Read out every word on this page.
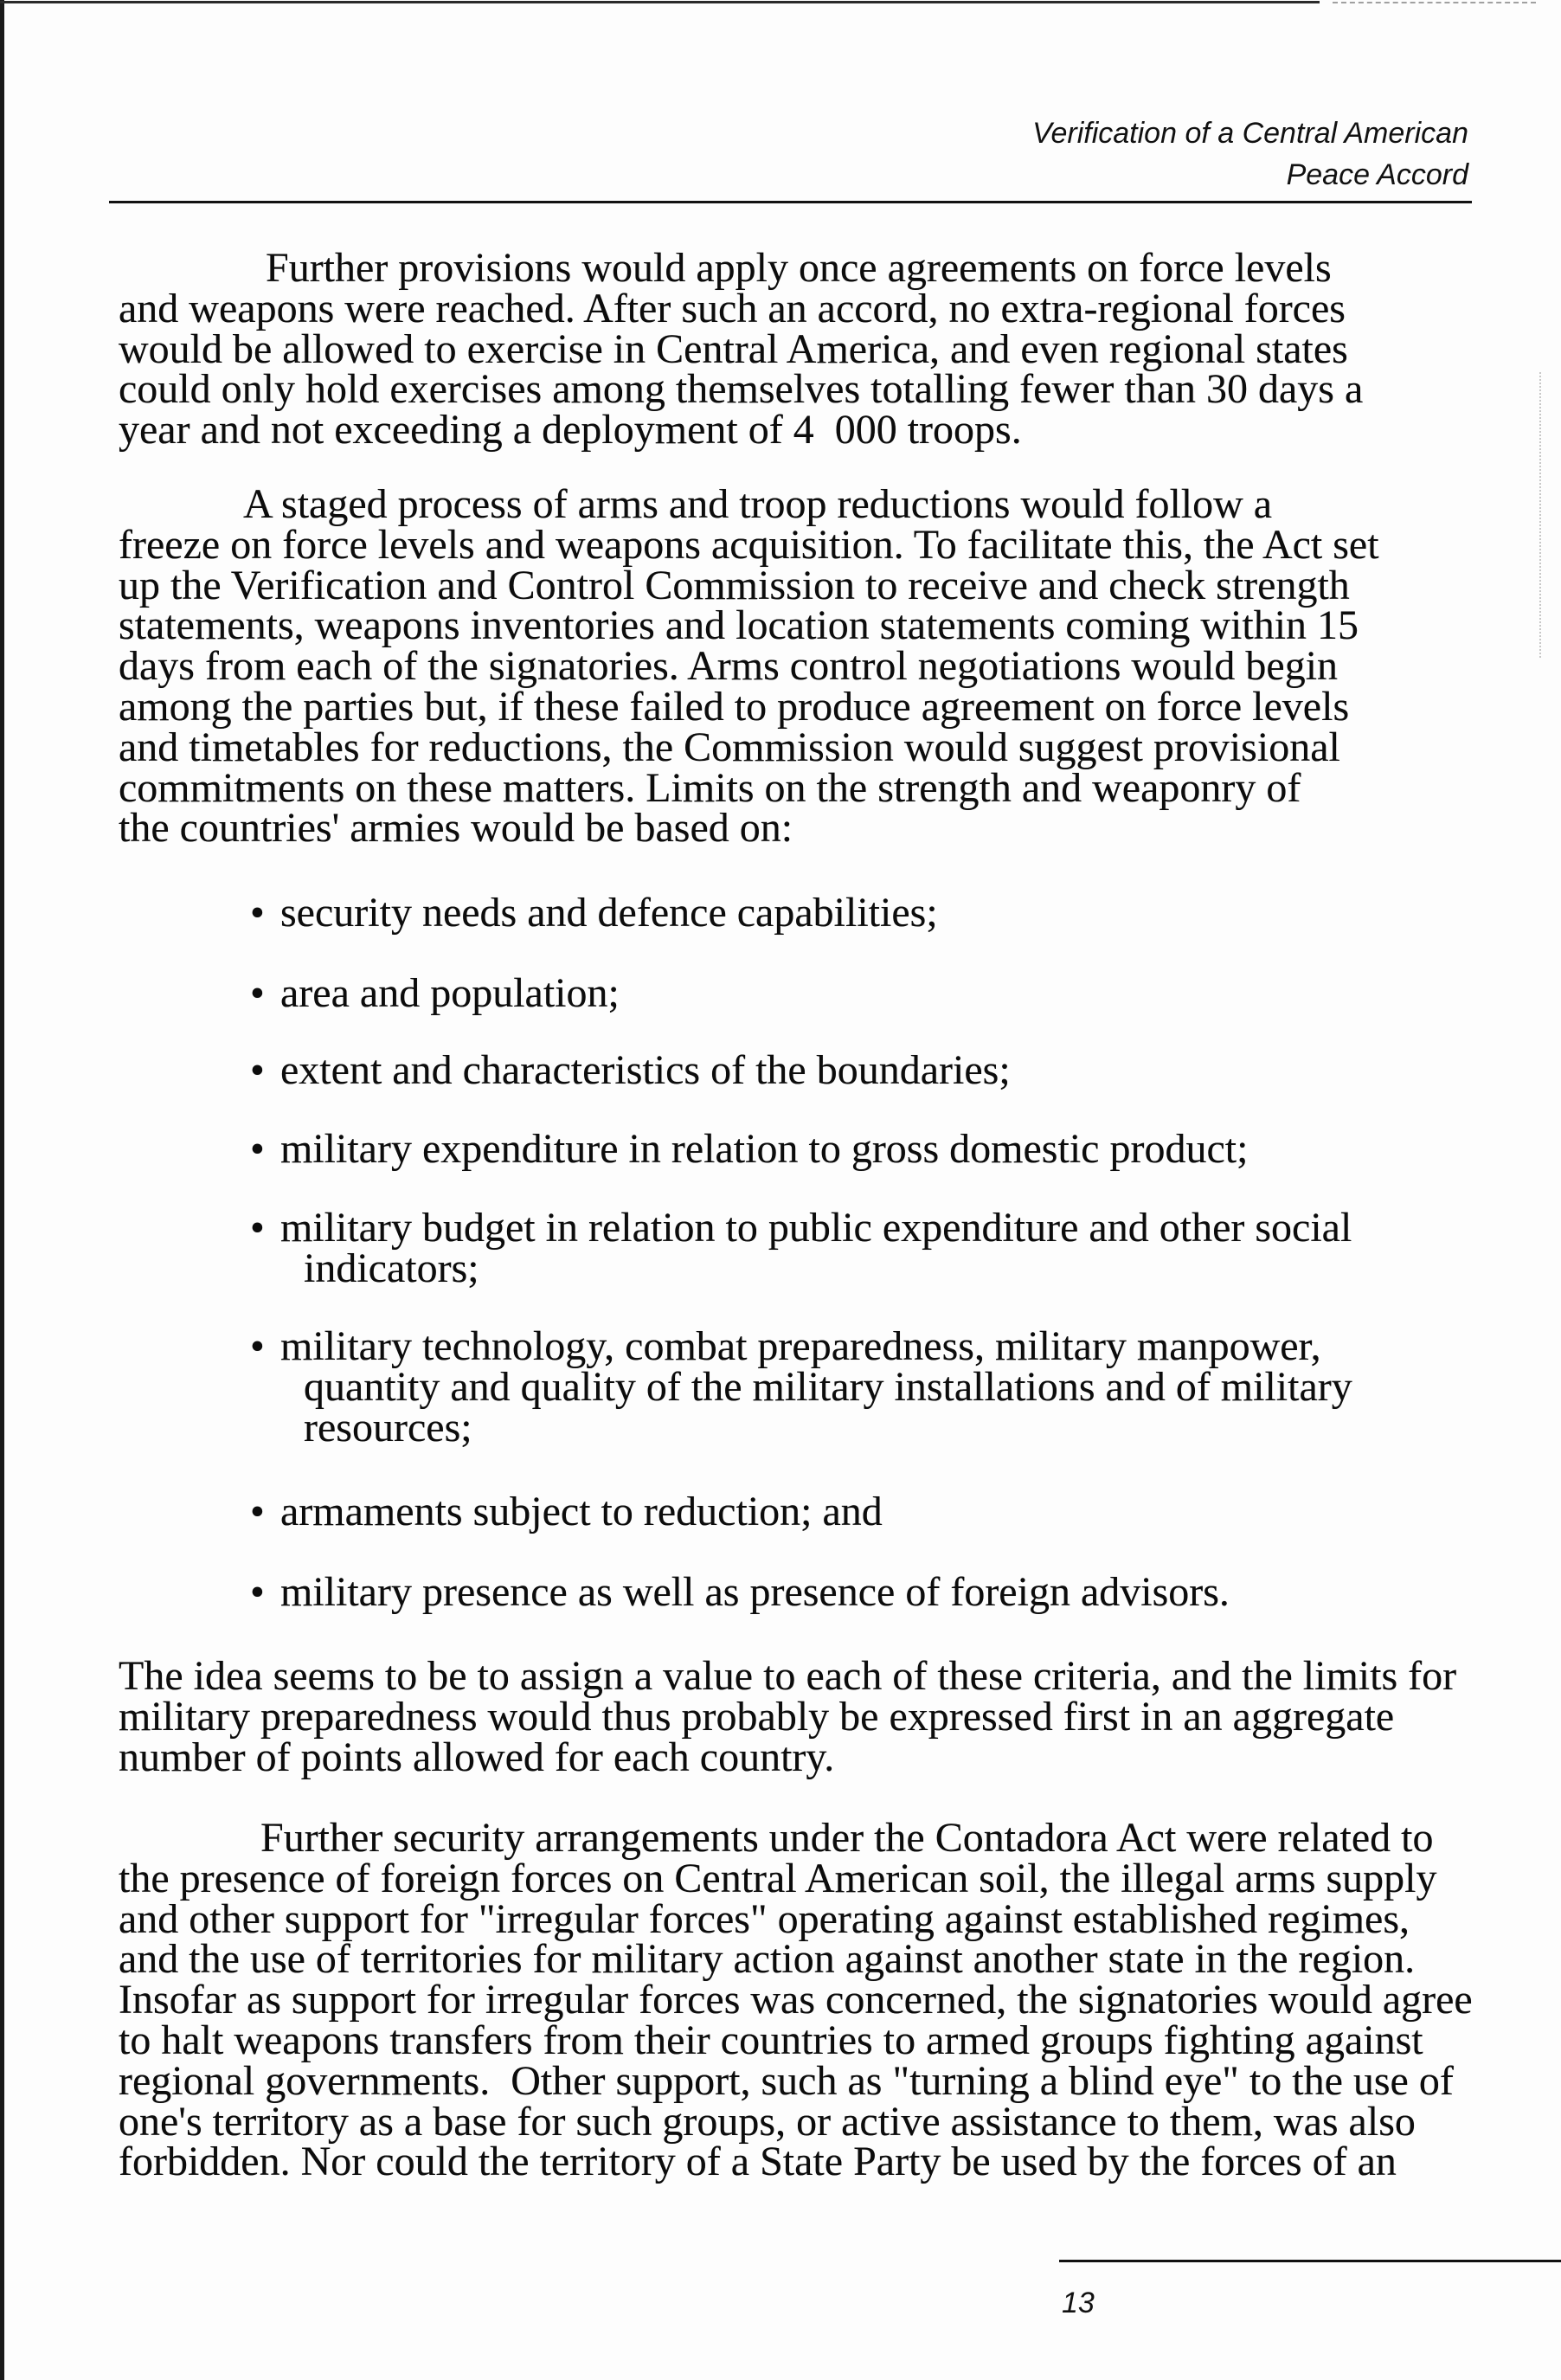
Verification of a Central American
Peace Accord
Further provisions would apply once agreements on force levels
and weapons were reached. After such an accord, no extra-regional forces
would be allowed to exercise in Central America, and even regional states
could only hold exercises among themselves totalling fewer than 30 days a
year and not exceeding a deployment of 4  000 troops.
A staged process of arms and troop reductions would follow a
freeze on force levels and weapons acquisition. To facilitate this, the Act set
up the Verification and Control Commission to receive and check strength
statements, weapons inventories and location statements coming within 15
days from each of the signatories. Arms control negotiations would begin
among the parties but, if these failed to produce agreement on force levels
and timetables for reductions, the Commission would suggest provisional
commitments on these matters. Limits on the strength and weaponry of
the countries' armies would be based on:
• security needs and defence capabilities;
• area and population;
• extent and characteristics of the boundaries;
• military expenditure in relation to gross domestic product;
• military budget in relation to public expenditure and other social
indicators;
• military technology, combat preparedness, military manpower,
quantity and quality of the military installations and of military
resources;
• armaments subject to reduction; and
• military presence as well as presence of foreign advisors.
The idea seems to be to assign a value to each of these criteria, and the limits for
military preparedness would thus probably be expressed first in an aggregate
number of points allowed for each country.
Further security arrangements under the Contadora Act were related to
the presence of foreign forces on Central American soil, the illegal arms supply
and other support for "irregular forces" operating against established regimes,
and the use of territories for military action against another state in the region.
Insofar as support for irregular forces was concerned, the signatories would agree
to halt weapons transfers from their countries to armed groups fighting against
regional governments.  Other support, such as "turning a blind eye" to the use of
one's territory as a base for such groups, or active assistance to them, was also
forbidden. Nor could the territory of a State Party be used by the forces of an
13
